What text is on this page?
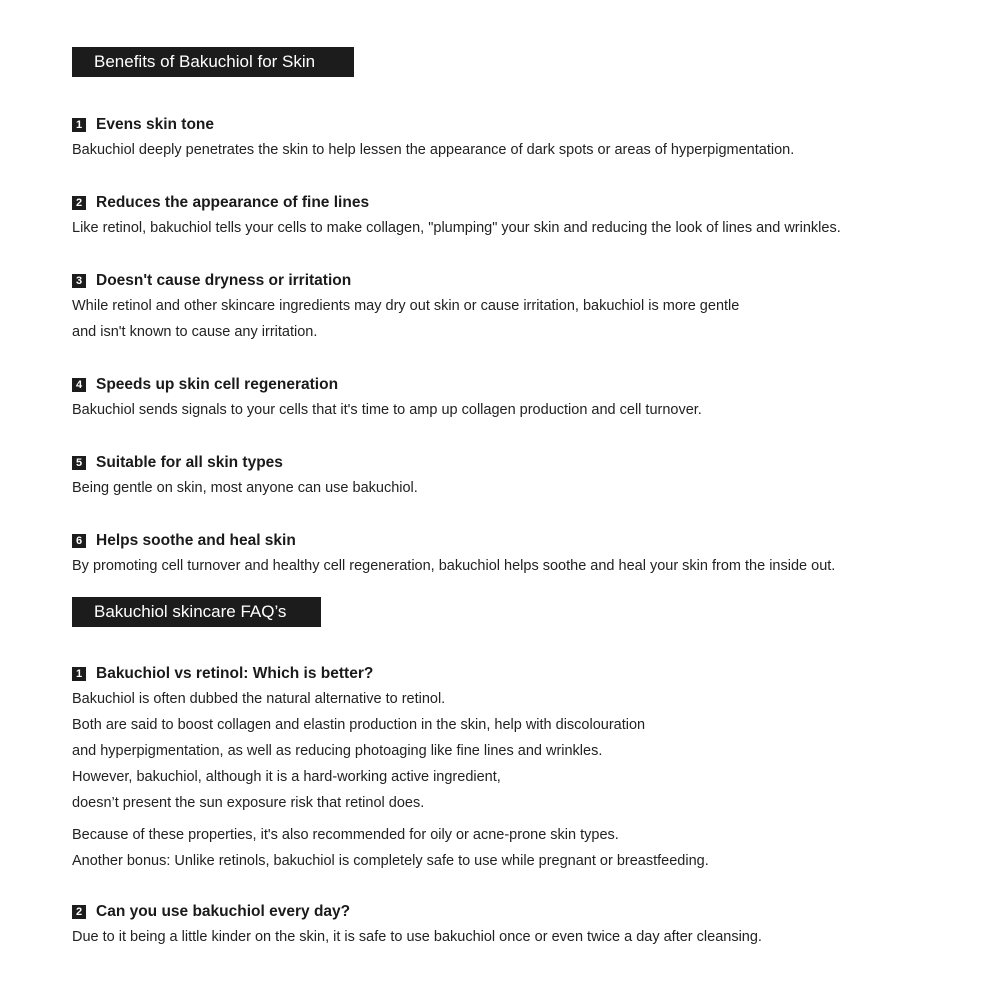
Benefits of Bakuchiol for Skin
1 Evens skin tone

Bakuchiol deeply penetrates the skin to help lessen the appearance of dark spots or areas of hyperpigmentation.

2 Reduces the appearance of fine lines

Like retinol, bakuchiol tells your cells to make collagen, "plumping" your skin and reducing the look of lines and wrinkles.

3 Doesn't cause dryness or irritation

While retinol and other skincare ingredients may dry out skin or cause irritation, bakuchiol is more gentle

and isn't known to cause any irritation.

4 Speeds up skin cell regeneration

Bakuchiol sends signals to your cells that it's time to amp up collagen production and cell turnover.

5 Suitable for all skin types

Being gentle on skin, most anyone can use bakuchiol.

6 Helps soothe and heal skin

By promoting cell turnover and healthy cell regeneration, bakuchiol helps soothe and heal your skin from the inside out.

Bakuchiol skincare FAQ’s
1 Bakuchiol vs retinol: Which is better?

Bakuchiol is often dubbed the natural alternative to retinol.

Both are said to boost collagen and elastin production in the skin, help with discolouration

and hyperpigmentation, as well as reducing photoaging like fine lines and wrinkles.

However, bakuchiol, although it is a hard-working active ingredient,

doesn’t present the sun exposure risk that retinol does.

Because of these properties, it's also recommended for oily or acne-prone skin types.

Another bonus: Unlike retinols, bakuchiol is completely safe to use while pregnant or breastfeeding.

2 Can you use bakuchiol every day?

Due to it being a little kinder on the skin, it is safe to use bakuchiol once or even twice a day after cleansing.
